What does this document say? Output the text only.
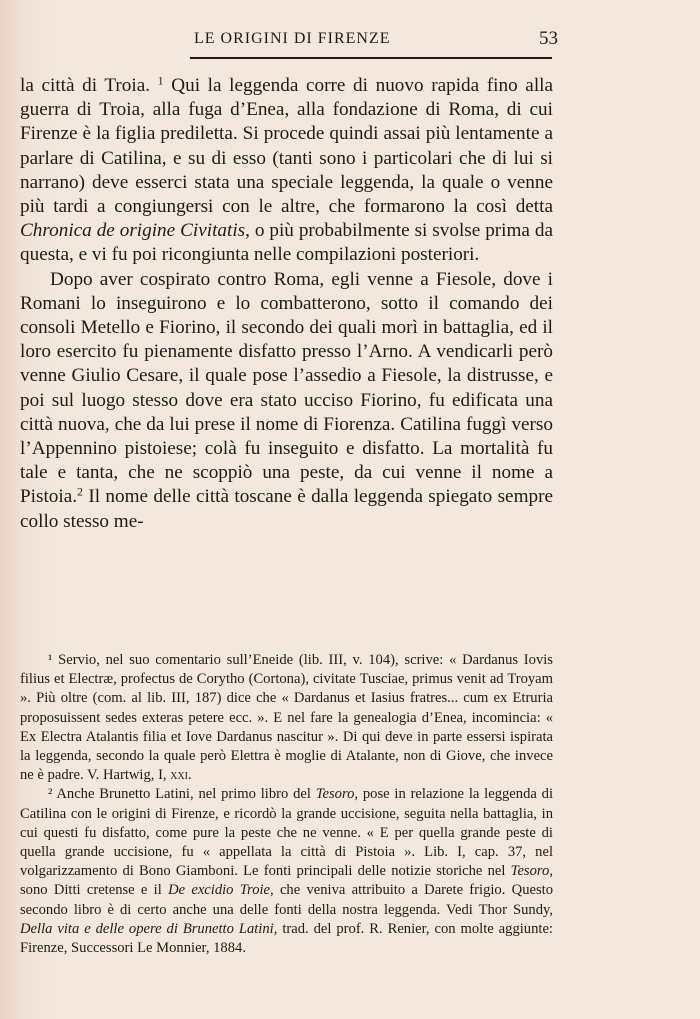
LE ORIGINI DI FIRENZE	53

la città di Troia. $^1$ Qui la leggenda corre di nuovo rapida fino alla guerra di Troia, alla fuga d’Enea, alla fondazione di Roma, di cui Firenze è la figlia prediletta. Si procede quindi assai più lentamente a parlare di Catilina, e su di esso (tanti sono i particolari che di lui si narrano) deve esserci stata una speciale leggenda, la quale o venne più tardi a congiungersi con le altre, che formarono la così detta Chronica de origine Civitatis, o più probabilmente si svolse prima da questa, e vi fu poi ricongiunta nelle compilazioni posteriori.

Dopo aver cospirato contro Roma, egli venne a Fiesole, dove i Romani lo inseguirono e lo combatterono, sotto il comando dei consoli Metello e Fiorino, il secondo dei quali morì in battaglia, ed il loro esercito fu pienamente disfatto presso l’Arno. A vendicarli però venne Giulio Cesare, il quale pose l’assedio a Fiesole, la distrusse, e poi sul luogo stesso dove era stato ucciso Fiorino, fu edificata una città nuova, che da lui prese il nome di Fiorenza. Catilina fuggì verso l’Appennino pistoiese; colà fu inseguito e disfatto. La mortalità fu tale e tanta, che ne scoppiò una peste, da cui venne il nome a Pistoia.$^2$ Il nome delle città toscane è dalla leggenda spiegato sempre collo stesso me-

¹ Servio, nel suo comentario sull’Eneide (lib. III, v. 104), scrive: « Dardanus Iovis filius et Electræ, profectus de Corytho (Cortona), civitate Tusciae, primus venit ad Troyam ». Più oltre (com. al lib. III, 187) dice che « Dardanus et Iasius fratres... cum ex Etruria proposuissent sedes exteras petere ecc. ». E nel fare la genealogia d’Enea, incomincia: « Ex Electra Atalantis filia et Iove Dardanus nascitur ». Di qui deve in parte essersi ispirata la leggenda, secondo la quale però Elettra è moglie di Atalante, non di Giove, che invece ne è padre. V. Hartwig, I, xxi.

² Anche Brunetto Latini, nel primo libro del Tesoro, pose in relazione la leggenda di Catilina con le origini di Firenze, e ricordò la grande uccisione, seguita nella battaglia, in cui questi fu disfatto, come pure la peste che ne venne. « E per quella grande peste di quella grande uccisione, fu « appellata la città di Pistoia ». Lib. I, cap. 37, nel volgarizzamento di Bono Giamboni. Le fonti principali delle notizie storiche nel Tesoro, sono Ditti cretense e il De excidio Troie, che veniva attribuito a Darete frigio. Questo secondo libro è di certo anche una delle fonti della nostra leggenda. Vedi Thor Sundy, Della vita e delle opere di Brunetto Latini, trad. del prof. R. Renier, con molte aggiunte: Firenze, Successori Le Monnier, 1884.
